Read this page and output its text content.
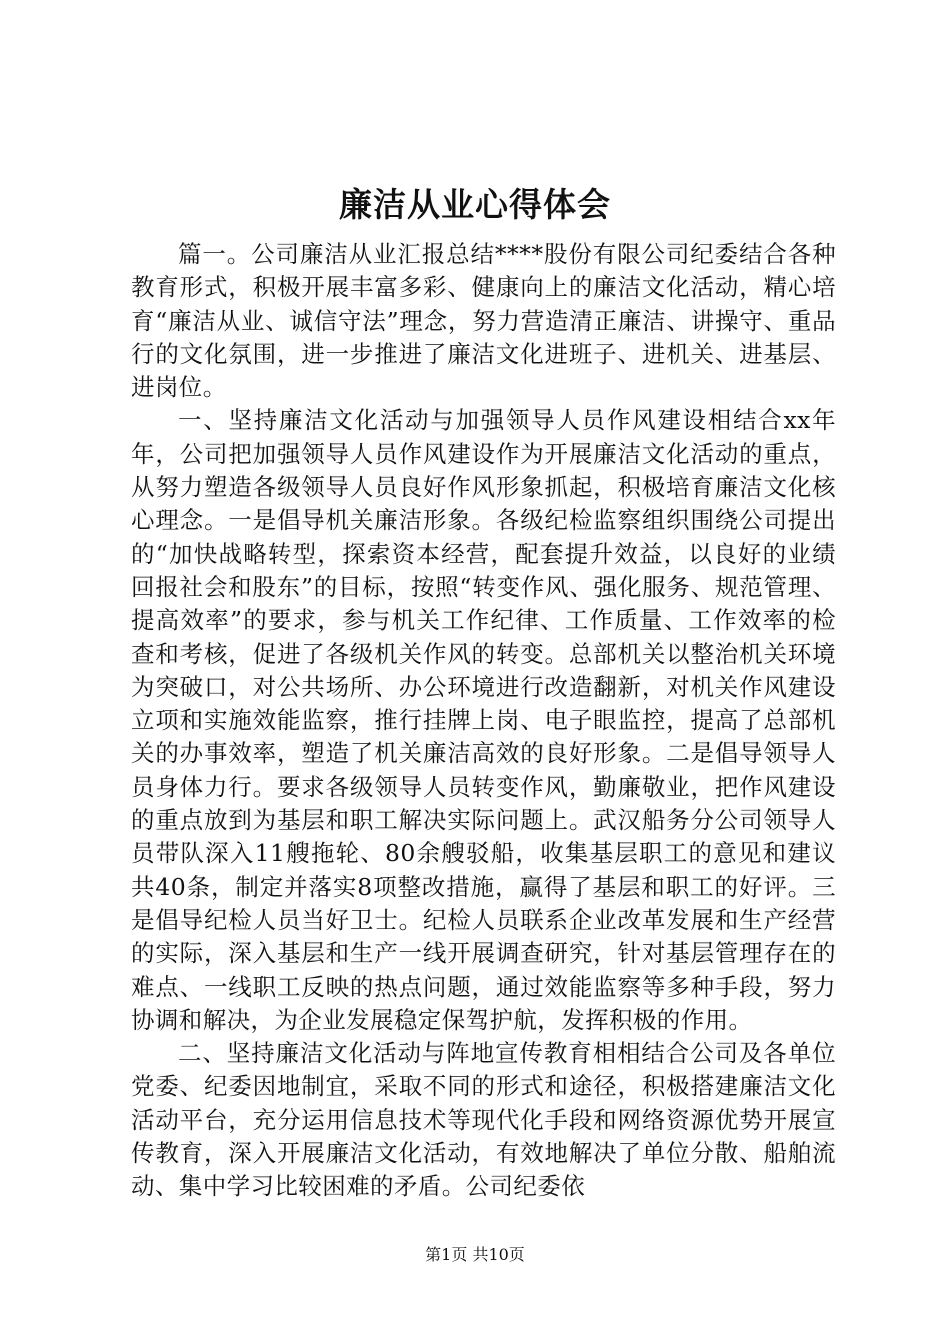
廉洁从业心得体会

篇一。公司廉洁从业汇报总结****股份有限公司纪委结合各种教育形式，积极开展丰富多彩、健康向上的廉洁文化活动，精心培育“廉洁从业、诚信守法”理念，努力营造清正廉洁、讲操守、重品行的文化氛围，进一步推进了廉洁文化进班子、进机关、进基层、进岗位。

一、坚持廉洁文化活动与加强领导人员作风建设相结合xx年年，公司把加强领导人员作风建设作为开展廉洁文化活动的重点，从努力塑造各级领导人员良好作风形象抓起，积极培育廉洁文化核心理念。一是倡导机关廉洁形象。各级纪检监察组织围绕公司提出的“加快战略转型，探索资本经营，配套提升效益，以良好的业绩回报社会和股东”的目标，按照“转变作风、强化服务、规范管理、提高效率”的要求，参与机关工作纪律、工作质量、工作效率的检查和考核，促进了各级机关作风的转变。总部机关以整治机关环境为突破口，对公共场所、办公环境进行改造翻新，对机关作风建设立项和实施效能监察，推行挂牌上岗、电子眼监控，提高了总部机关的办事效率，塑造了机关廉洁高效的良好形象。二是倡导领导人员身体力行。要求各级领导人员转变作风，勤廉敬业，把作风建设的重点放到为基层和职工解决实际问题上。武汉船务分公司领导人员带队深入11艘拖轮、80余艘驳船，收集基层职工的意见和建议共40条，制定并落实8项整改措施，赢得了基层和职工的好评。三是倡导纪检人员当好卫士。纪检人员联系企业改革发展和生产经营的实际，深入基层和生产一线开展调查研究，针对基层管理存在的难点、一线职工反映的热点问题，通过效能监察等多种手段，努力协调和解决，为企业发展稳定保驾护航，发挥积极的作用。

二、坚持廉洁文化活动与阵地宣传教育相相结合公司及各单位党委、纪委因地制宜，采取不同的形式和途径，积极搭建廉洁文化活动平台，充分运用信息技术等现代化手段和网络资源优势开展宣传教育，深入开展廉洁文化活动，有效地解决了单位分散、船舶流动、集中学习比较困难的矛盾。公司纪委依

第1页 共10页
